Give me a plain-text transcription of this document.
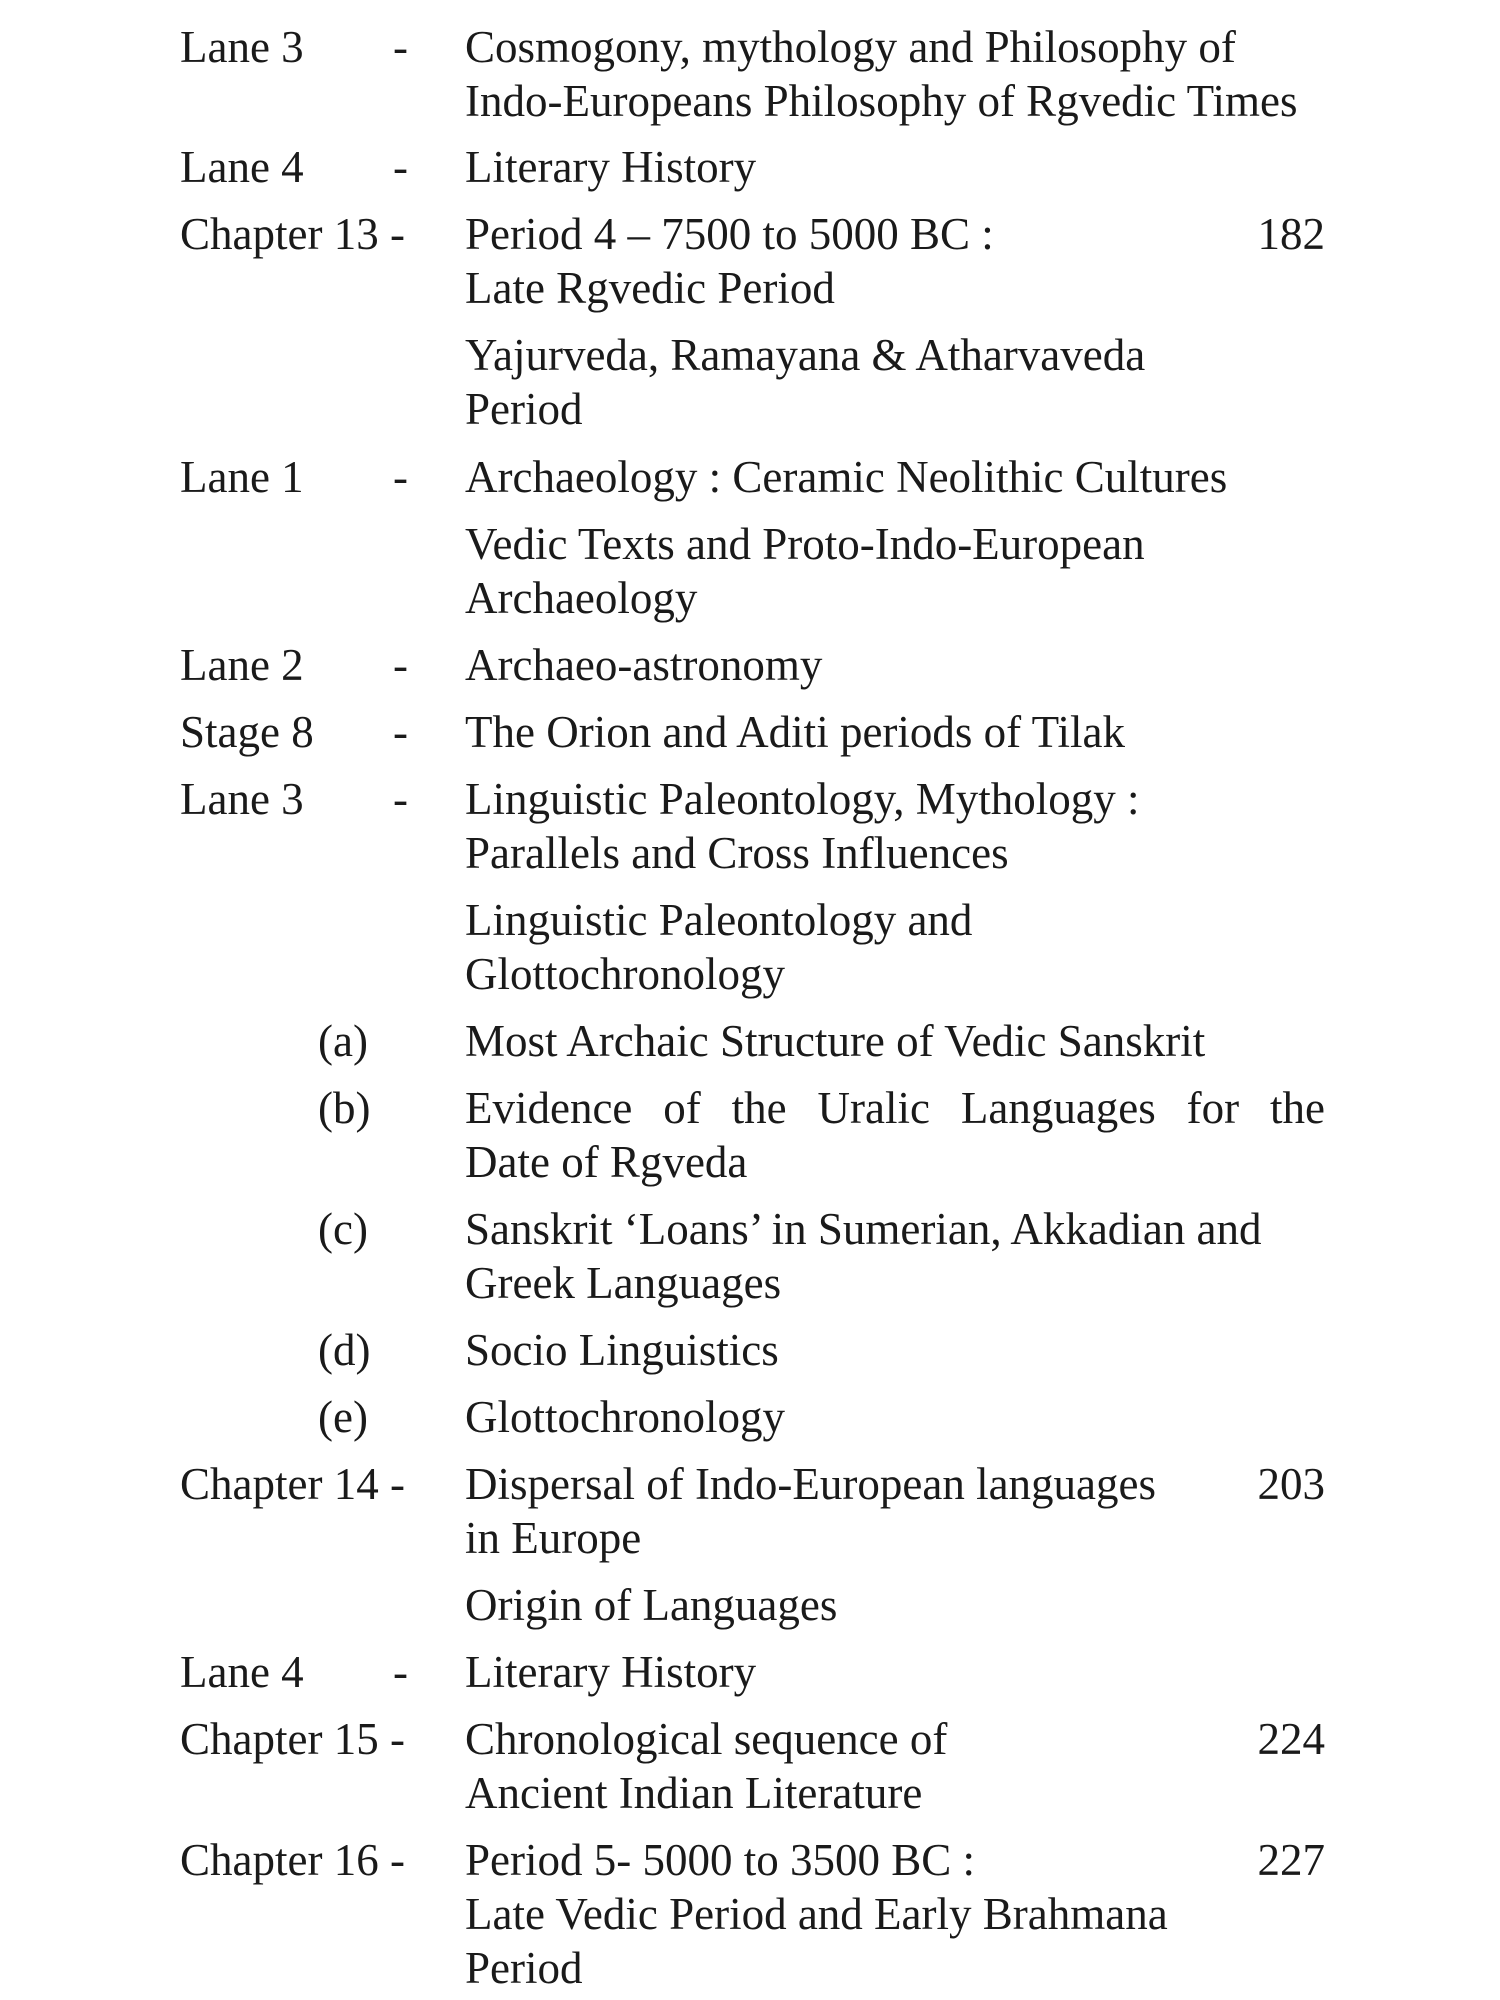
Lane 3 - Cosmogony, mythology and Philosophy of
Indo-Europeans Philosophy of Rgvedic Times
Lane 4 - Literary History
Chapter 13 - Period 4 – 7500 to 5000 BC :
Late Rgvedic Period
182
Yajurveda, Ramayana & Atharvaveda
Period
Lane 1 - Archaeology : Ceramic Neolithic Cultures
Vedic Texts and Proto-Indo-European
Archaeology
Lane 2 - Archaeo-astronomy
Stage 8 - The Orion and Aditi periods of Tilak
Lane 3 - Linguistic Paleontology, Mythology :
Parallels and Cross Influences
Linguistic Paleontology and
Glottochronology
(a) Most Archaic Structure of Vedic Sanskrit
(b) Evidence of the Uralic Languages for the
Date of Rgveda
(c) Sanskrit ‘Loans’ in Sumerian, Akkadian and
Greek Languages
(d) Socio Linguistics
(e) Glottochronology
Chapter 14 - Dispersal of Indo-European languages
in Europe
203
Origin of Languages
Lane 4 - Literary History
Chapter 15 - Chronological sequence of
Ancient Indian Literature
224
Chapter 16 - Period 5- 5000 to 3500 BC :
Late Vedic Period and Early Brahmana
Period
227
